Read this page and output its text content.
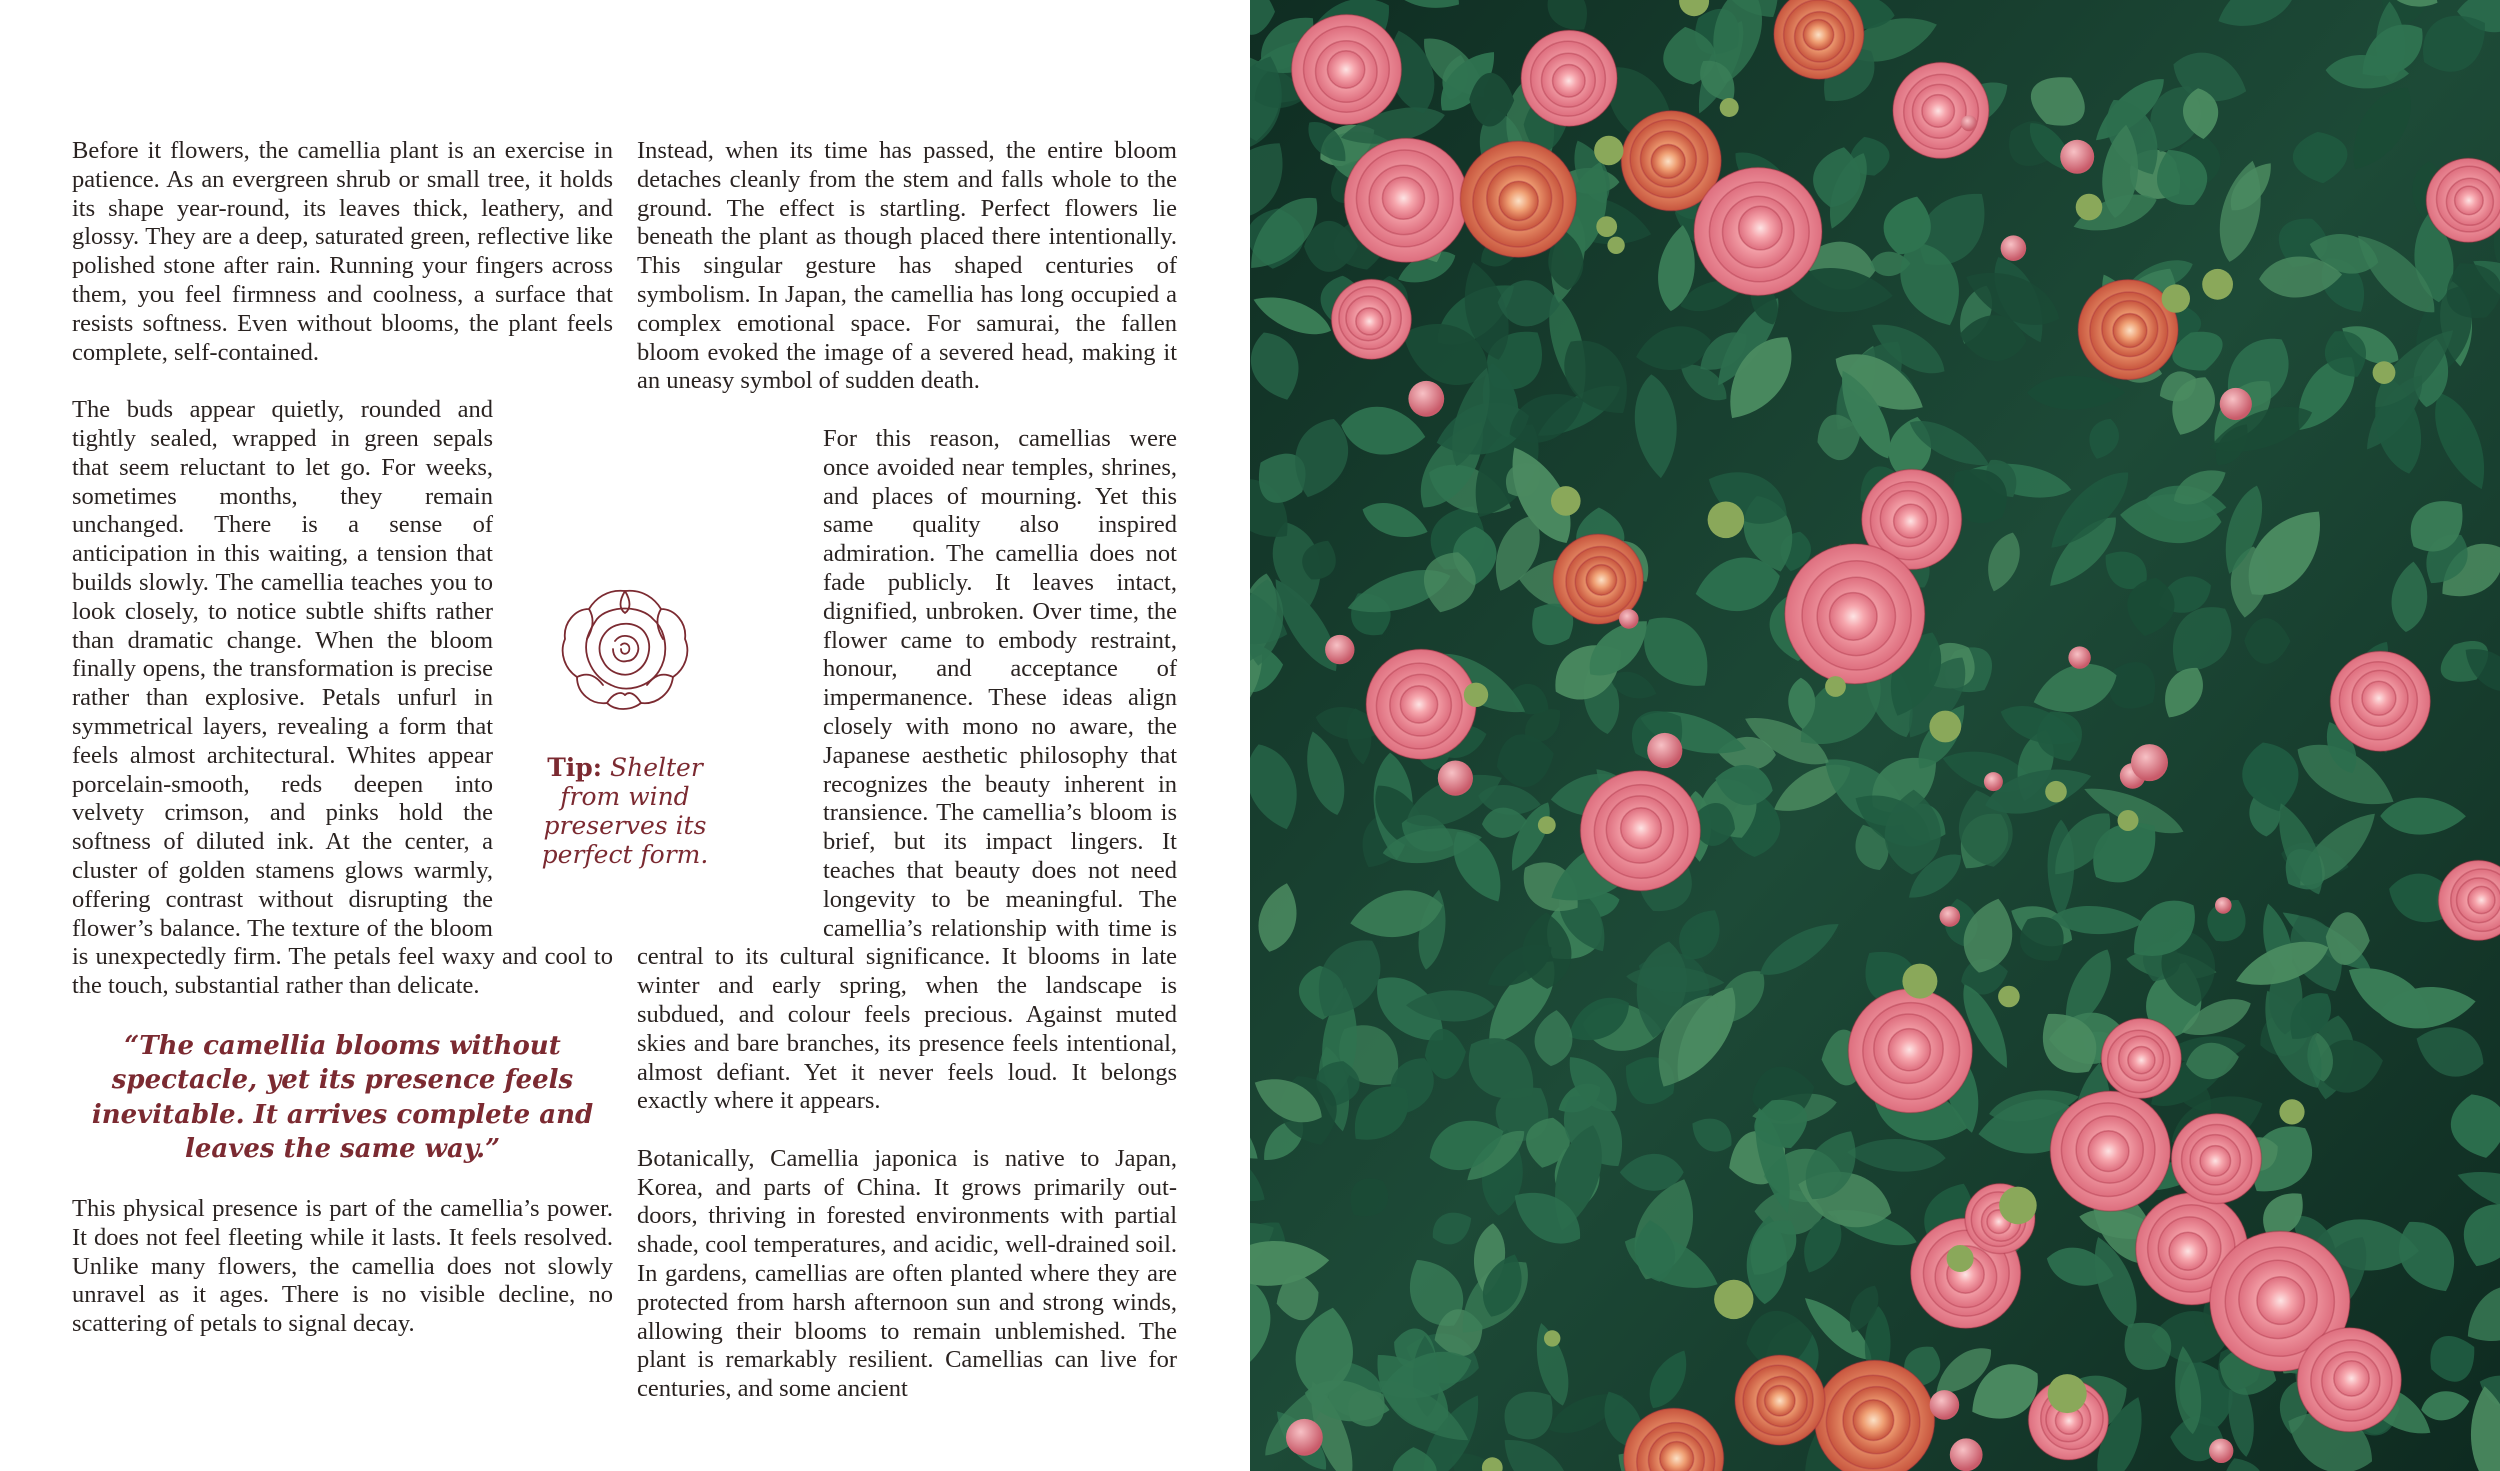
Before it flowers, the camellia plant is an exercise in patience. As an evergreen shrub or small tree, it holds its shape year-round, its leaves thick, leathery, and glossy. They are a deep, saturated green, reflective like polished stone after rain. Running your fingers across them, you feel firmness and coolness, a surface that resists softness. Even without blooms, the plant feels complete, self-contained.

The buds appear quietly, rounded and tightly sealed, wrapped in green sepals that seem reluctant to let go. For weeks, sometimes months, they remain unchanged. There is a sense of anticipation in this waiting, a tension that builds slowly. The camellia teaches you to look closely, to notice subtle shifts rather than dramatic change. When the bloom finally opens, the transformation is precise rather than explosive. Petals unfurl in symmetrical layers, revealing a form that feels almost architectural. Whites appear porcelain-smooth, reds deepen into velvety crimson, and pinks hold the softness of diluted ink. At the center, a cluster of golden stamens glows warmly, offering contrast without disrupting the flower’s balance. The texture of the bloom is unexpectedly firm. The petals feel waxy and cool to the touch, substantial rather than delicate.

“The camellia blooms without spectacle, yet its presence feels inevitable. It arrives complete and leaves the same way.”

This physical presence is part of the camellia’s power. It does not feel fleeting while it lasts. It feels resolved. Unlike many flowers, the camellia does not slowly unravel as it ages. There is no visible decline, no scattering of petals to signal decay.

Instead, when its time has passed, the entire bloom detaches cleanly from the stem and falls whole to the ground. The effect is startling. Perfect flowers lie beneath the plant as though placed there intentionally. This singular gesture has shaped centuries of symbolism. In Japan, the camellia has long occupied a complex emotional space. For samurai, the fallen bloom evoked the image of a severed head, making it an uneasy symbol of sudden death.

For this reason, camellias were once avoided near temples, shrines, and places of mourning. Yet this same quality also inspired admiration. The camellia does not fade publicly. It leaves intact, dignified, unbroken. Over time, the flower came to embody restraint, honour, and acceptance of impermanence. These ideas align closely with mono no aware, the Japanese aesthetic philosophy that recognizes the beauty inherent in transience. The camellia’s bloom is brief, but its impact lingers. It teaches that beauty does not need longevity to be meaningful. The camellia’s relationship with time is central to its cultural significance. It blooms in late winter and early spring, when the landscape is subdued, and colour feels precious. Against muted skies and bare branches, its presence feels intentional, almost defiant. Yet it never feels loud. It belongs exactly where it appears.

Botanically, Camellia japonica is native to Japan, Korea, and parts of China. It grows primarily outdoors, thriving in forested environments with partial shade, cool temperatures, and acidic, well-drained soil. In gardens, camellias are often planted where they are protected from harsh afternoon sun and strong winds, allowing their blooms to remain unblemished. The plant is remarkably resilient. Camellias can live for centuries, and some ancient

Tip: Shelter from wind preserves its perfect form.
